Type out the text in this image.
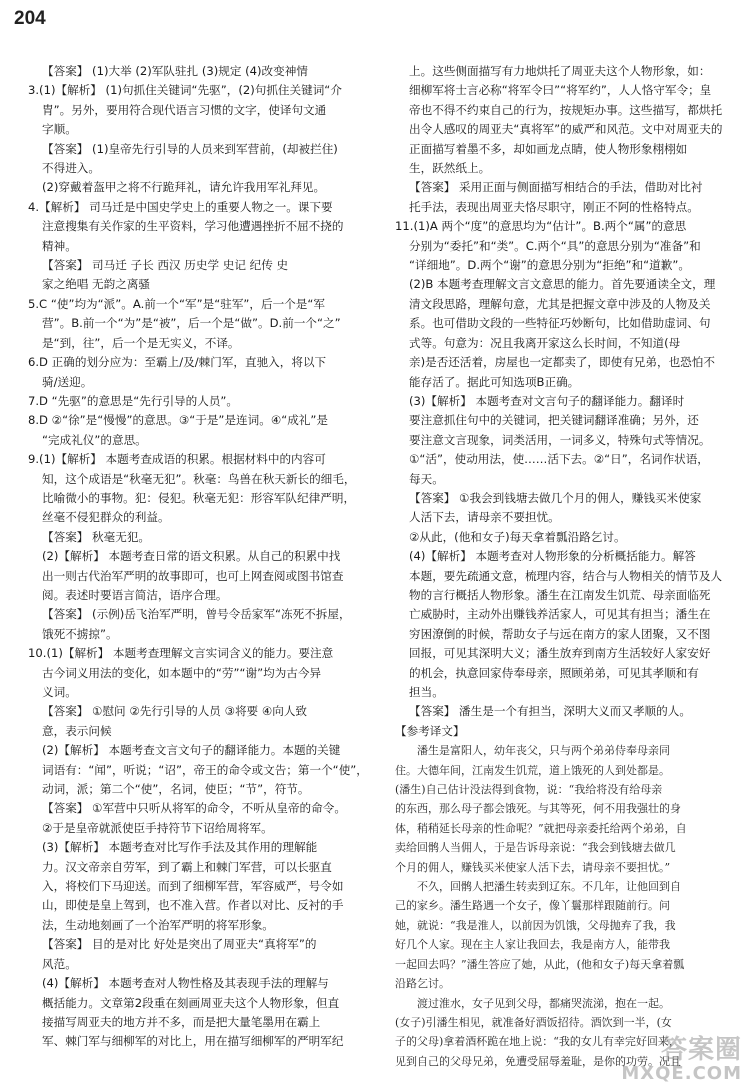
204
【答案】 (1)大举 (2)军队驻扎 (3)规定 (4)改变神情
3.(1)【解析】 (1)句抓住关键词“先驱”，(2)句抓住关键词“介
胄”。另外，要用符合现代语言习惯的文字，使译句文通
字顺。
【答案】 (1)皇帝先行引导的人员来到军营前，(却被拦住)
不得进入。
(2)穿戴着盔甲之将不行跪拜礼，请允许我用军礼拜见。
4.【解析】 司马迁是中国史学史上的重要人物之一。课下要
注意搜集有关作家的生平资料，学习他遭遇挫折不屈不挠的
精神。
【答案】 司马迁 子长 西汉 历史学 史记 纪传 史
家之绝唱 无韵之离骚
5.C “使”均为“派”。A.前一个“军”是“驻军”，后一个是“军
营”。B.前一个“为”是“被”，后一个是“做”。D.前一个“之”
是“到，往”，后一个是无实义，不译。
6.D 正确的划分应为：至霸上/及/棘门军，直驰入，将以下
骑/送迎。
7.D “先驱”的意思是“先行引导的人员”。
8.D ②“徐”是“慢慢”的意思。③“于是”是连词。④“成礼”是
“完成礼仪”的意思。
9.(1)【解析】 本题考查成语的积累。根据材料中的内容可
知，这个成语是“秋毫无犯”。秋毫：鸟兽在秋天新长的细毛，
比喻微小的事物。犯：侵犯。秋毫无犯：形容军队纪律严明，
丝毫不侵犯群众的利益。
【答案】 秋毫无犯。
(2)【解析】 本题考查日常的语文积累。从自己的积累中找
出一则古代治军严明的故事即可，也可上网查阅或图书馆查
阅。表述时要语言简洁，语序合理。
【答案】 (示例)岳飞治军严明，曾号令岳家军“冻死不拆屋，
饿死不掳掠”。
10.(1)【解析】 本题考查理解文言实词含义的能力。要注意
古今词义用法的变化，如本题中的“劳”“谢”均为古今异
义词。
【答案】 ①慰问 ②先行引导的人员 ③将要 ④向人致
意，表示问候
(2)【解析】 本题考查文言文句子的翻译能力。本题的关键
词语有：“闻”，听说；“诏”，帝王的命令或文告；第一个“使”，
动词，派；第二个“使”，名词，使臣；“节”，符节。
【答案】 ①军营中只听从将军的命令，不听从皇帝的命令。
②于是皇帝就派使臣手持符节下诏给周将军。
(3)【解析】 本题考查对比写作手法及其作用的理解能
力。汉文帝亲自劳军，到了霸上和棘门军营，可以长驱直
入，将校们下马迎送。而到了细柳军营，军容威严，号令如
山，即使是皇上驾到，也不准入营。作者以对比、反衬的手
法，生动地刻画了一个治军严明的将军形象。
【答案】 目的是对比 好处是突出了周亚夫“真将军”的
风范。
(4)【解析】 本题考查对人物性格及其表现手法的理解与
概括能力。文章第2段重在刻画周亚夫这个人物形象，但直
接描写周亚夫的地方并不多，而是把大量笔墨用在霸上
军、棘门军与细柳军的对比上，用在描写细柳军的严明军纪
上。这些侧面描写有力地烘托了周亚夫这个人物形象，如：
细柳军将士言必称“将军令曰”“将军约”，人人恪守军令；皇
帝也不得不约束自己的行为，按规矩办事。这些描写，都烘托
出令人感叹的周亚夫“真将军”的威严和风范。文中对周亚夫的
正面描写着墨不多，却如画龙点睛，使人物形象栩栩如
生，跃然纸上。
【答案】 采用正面与侧面描写相结合的手法，借助对比衬
托手法，表现出周亚夫恪尽职守，刚正不阿的性格特点。
11.(1)A 两个“度”的意思均为“估计”。B.两个“属”的意思
分别为“委托”和“类”。C.两个“具”的意思分别为“准备”和
“详细地”。D.两个“谢”的意思分别为“拒绝”和“道歉”。
(2)B 本题考查理解文言文意思的能力。首先要通读全文，理
清文段思路，理解句意，尤其是把握文章中涉及的人物及关
系。也可借助文段的一些特征巧妙断句，比如借助虚词、句
式等。句意为：况且我离开家这么长时间，不知道(母
亲)是否还活着，房屋也一定都卖了，即使有兄弟，也恐怕不
能存活了。据此可知选项B正确。
(3)【解析】 本题考查对文言句子的翻译能力。翻译时
要注意抓住句中的关键词，把关键词翻译准确；另外，还
要注意文言现象，词类活用，一词多义，特殊句式等情况。
①“活”，使动用法，使……活下去。②“日”，名词作状语，
每天。
【答案】 ①我会到钱塘去做几个月的佣人，赚钱买米使家
人活下去，请母亲不要担忧。
②从此，(他和女子)每天拿着瓢沿路乞讨。
(4)【解析】 本题考查对人物形象的分析概括能力。解答
本题，要先疏通文意，梳理内容，结合与人物相关的情节及人
物的言行概括人物形象。潘生在江南发生饥荒、母亲面临死
亡威胁时，主动外出赚钱养活家人，可见其有担当；潘生在
穷困潦倒的时候，帮助女子与远在南方的家人团聚，又不图
回报，可见其深明大义；潘生放弃到南方生活较好人家安好
的机会，执意回家侍奉母亲，照顾弟弟，可见其孝顺和有
担当。
【答案】 潘生是一个有担当，深明大义而又孝顺的人。
【参考译文】
潘生是富阳人，幼年丧父，只与两个弟弟侍奉母亲同
住。大德年间，江南发生饥荒，道上饿死的人到处都是。
(潘生)自己估计没法得到食物，说：“我给将没有给母亲
的东西，那么母子都会饿死。与其等死，何不用我强壮的身
体，稍稍延长母亲的性命呢？”就把母亲委托给两个弟弟，自
卖给回鹘人当佣人，于是告诉母亲说：“我会到钱塘去做几
个月的佣人，赚钱买米使家人活下去，请母亲不要担忧。”
不久，回鹘人把潘生转卖到辽东。不几年，让他回到自
己的家乡。潘生路遇一个女子，像丫鬟那样跟随前行。问
她，就说：“我是淮人，以前因为饥饿，父母抛弃了我，我
好几个人家。现在主人家让我回去，我是南方人，能带我
一起回去吗？”潘生答应了她，从此，(他和女子)每天拿着瓢
沿路乞讨。
渡过淮水，女子见到父母，都痛哭流涕，抱在一起。
(女子)引潘生相见，就准备好酒饭招待。酒饮到一半，(女
子的父母)拿着酒杯跪在地上说：“我的女儿有幸完好回来，
见到自己的父母兄弟，免遭受屈辱羞耻，是你的功劳。况且
答案圈
MXQE.COM
